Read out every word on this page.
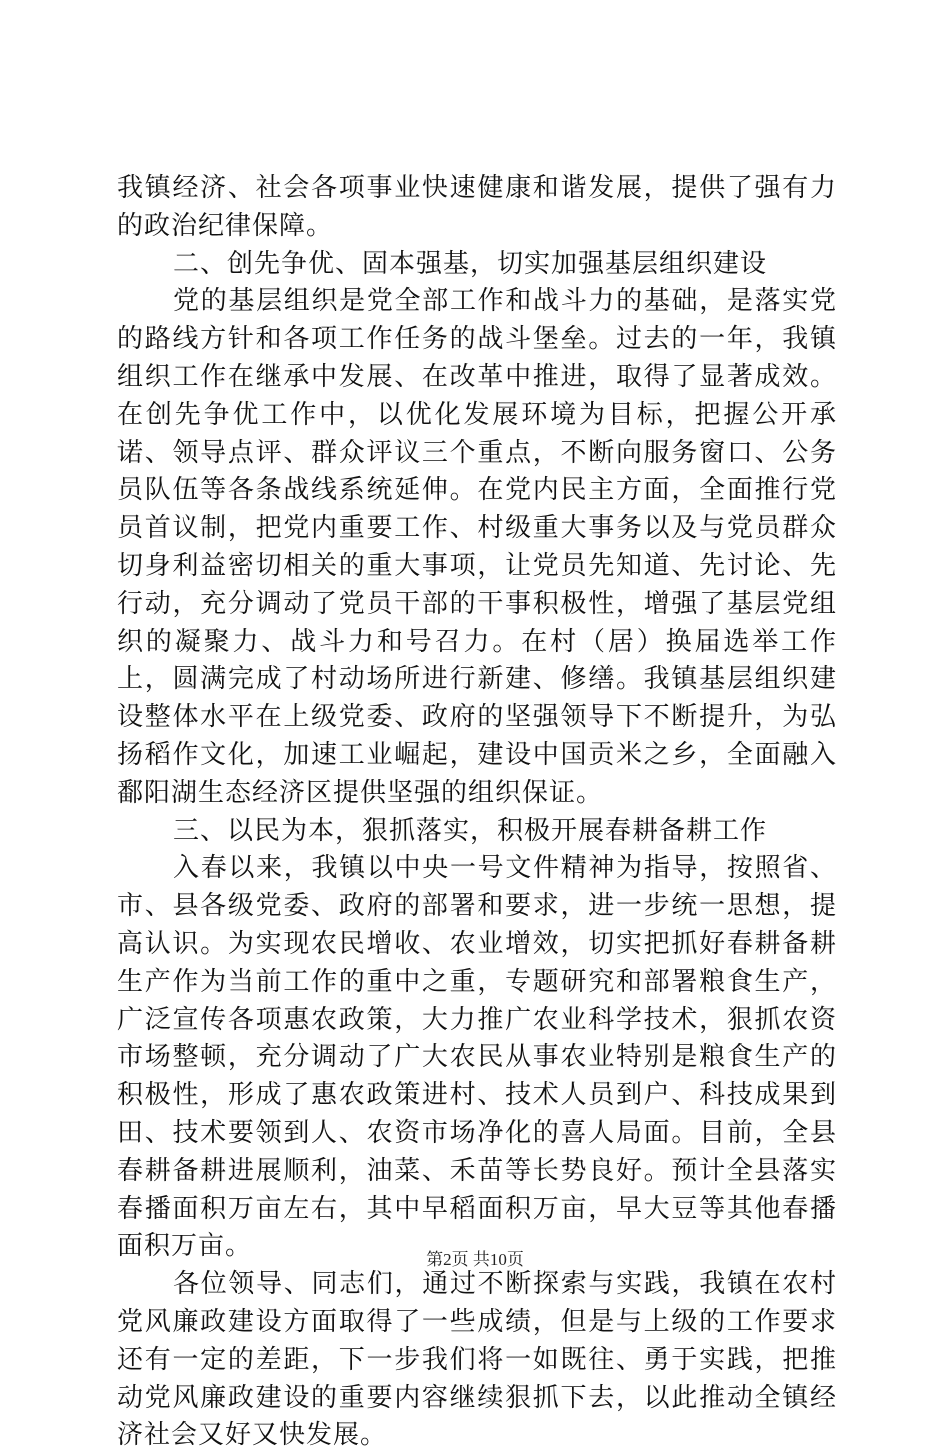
我镇经济、社会各项事业快速健康和谐发展，提供了强有力的政治纪律保障。

二、创先争优、固本强基，切实加强基层组织建设

党的基层组织是党全部工作和战斗力的基础，是落实党的路线方针和各项工作任务的战斗堡垒。过去的一年，我镇组织工作在继承中发展、在改革中推进，取得了显著成效。在创先争优工作中，以优化发展环境为目标，把握公开承诺、领导点评、群众评议三个重点，不断向服务窗口、公务员队伍等各条战线系统延伸。在党内民主方面，全面推行党员首议制，把党内重要工作、村级重大事务以及与党员群众切身利益密切相关的重大事项，让党员先知道、先讨论、先行动，充分调动了党员干部的干事积极性，增强了基层党组织的凝聚力、战斗力和号召力。在村（居）换届选举工作上，圆满完成了村动场所进行新建、修缮。我镇基层组织建设整体水平在上级党委、政府的坚强领导下不断提升，为弘扬稻作文化，加速工业崛起，建设中国贡米之乡，全面融入鄱阳湖生态经济区提供坚强的组织保证。

三、以民为本，狠抓落实，积极开展春耕备耕工作

入春以来，我镇以中央一号文件精神为指导，按照省、市、县各级党委、政府的部署和要求，进一步统一思想，提高认识。为实现农民增收、农业增效，切实把抓好春耕备耕生产作为当前工作的重中之重，专题研究和部署粮食生产，广泛宣传各项惠农政策，大力推广农业科学技术，狠抓农资市场整顿，充分调动了广大农民从事农业特别是粮食生产的积极性，形成了惠农政策进村、技术人员到户、科技成果到田、技术要领到人、农资市场净化的喜人局面。目前，全县春耕备耕进展顺利，油菜、禾苗等长势良好。预计全县落实春播面积万亩左右，其中早稻面积万亩，早大豆等其他春播面积万亩。

各位领导、同志们，通过不断探索与实践，我镇在农村党风廉政建设方面取得了一些成绩，但是与上级的工作要求还有一定的差距，下一步我们将一如既往、勇于实践，把推动党风廉政建设的重要内容继续狠抓下去，以此推动全镇经济社会又好又快发展。

第2页 共10页
